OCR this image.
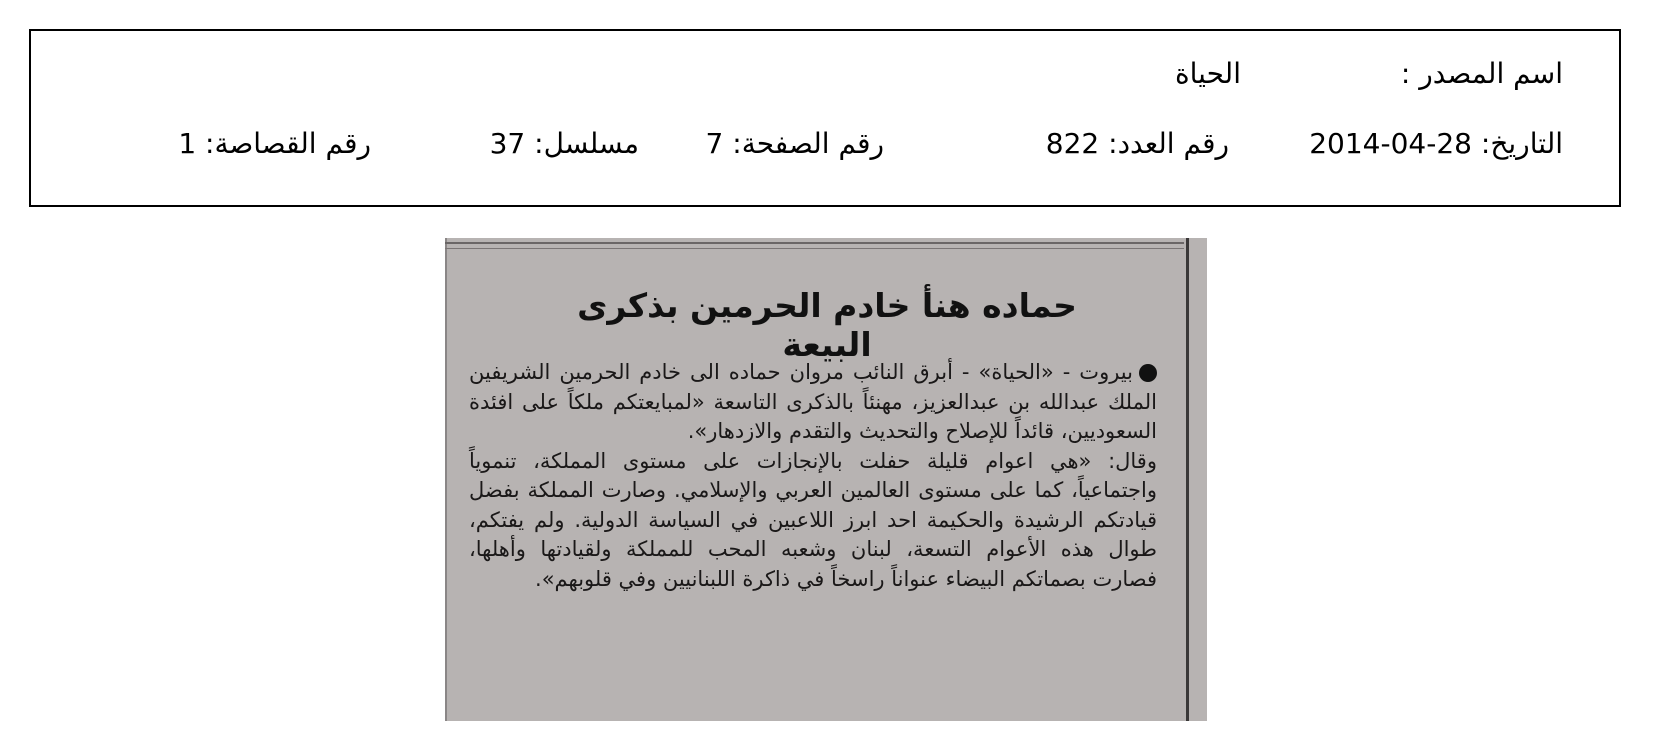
اسم المصدر :
الحياة
التاريخ: 28-04-2014
رقم العدد: 822
رقم الصفحة: 7
مسلسل: 37
رقم القصاصة: 1
حماده هنأ خادم الحرمين بذكرى البيعة

بيروت - «الحياة» - أبرق النائب مروان حماده الى خادم الحرمين الشريفين الملك عبدالله بن عبدالعزيز، مهنئاً بالذكرى التاسعة «لمبايعتكم ملكاً على افئدة السعوديين، قائداً للإصلاح والتحديث والتقدم والازدهار».

وقال: «هي اعوام قليلة حفلت بالإنجازات على مستوى المملكة، تنموياً واجتماعياً، كما على مستوى العالمين العربي والإسلامي. وصارت المملكة بفضل قيادتكم الرشيدة والحكيمة احد ابرز اللاعبين في السياسة الدولية. ولم يفتكم، طوال هذه الأعوام التسعة، لبنان وشعبه المحب للمملكة ولقيادتها وأهلها، فصارت بصماتكم البيضاء عنواناً راسخاً في ذاكرة اللبنانيين وفي قلوبهم».
